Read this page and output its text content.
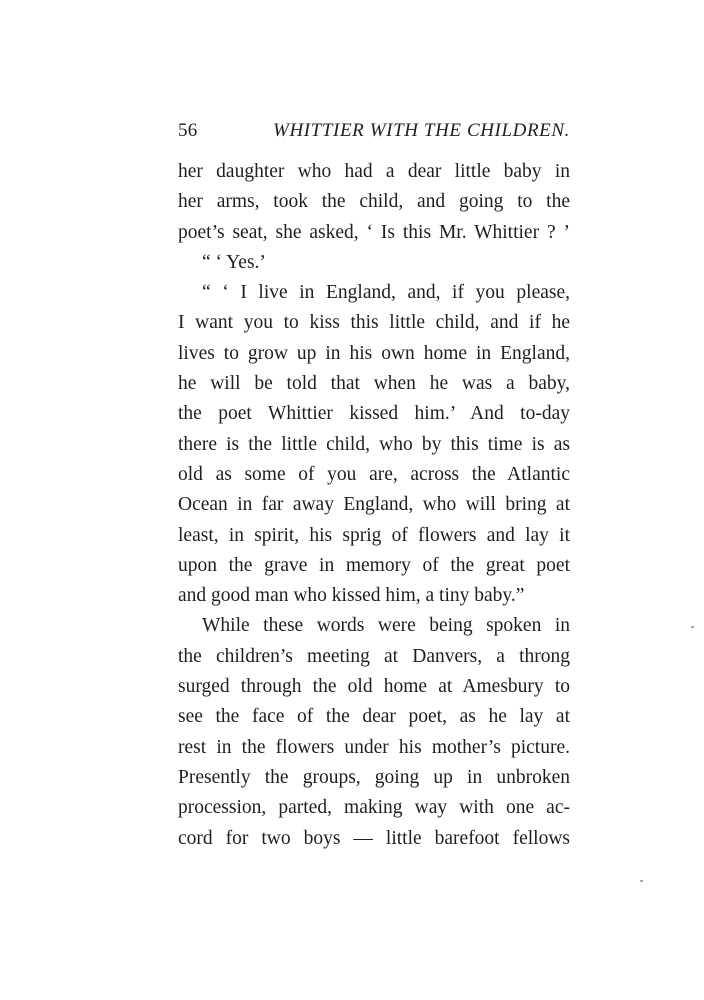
56	WHITTIER WITH THE CHILDREN.
her daughter who had a dear little baby in
her arms, took the child, and going to the
poet’s seat, she asked, ‘ Is this Mr. Whittier ? ’
“ ‘ Yes.’
“ ‘ I live in England, and, if you please,
I want you to kiss this little child, and if he
lives to grow up in his own home in England,
he will be told that when he was a baby,
the poet Whittier kissed him.’ And to-day
there is the little child, who by this time is as
old as some of you are, across the Atlantic
Ocean in far away England, who will bring at
least, in spirit, his sprig of flowers and lay it
upon the grave in memory of the great poet
and good man who kissed him, a tiny baby.”
While these words were being spoken in
the children’s meeting at Danvers, a throng
surged through the old home at Amesbury to
see the face of the dear poet, as he lay at
rest in the flowers under his mother’s picture.
Presently the groups, going up in unbroken
procession, parted, making way with one ac-
cord for two boys — little barefoot fellows
